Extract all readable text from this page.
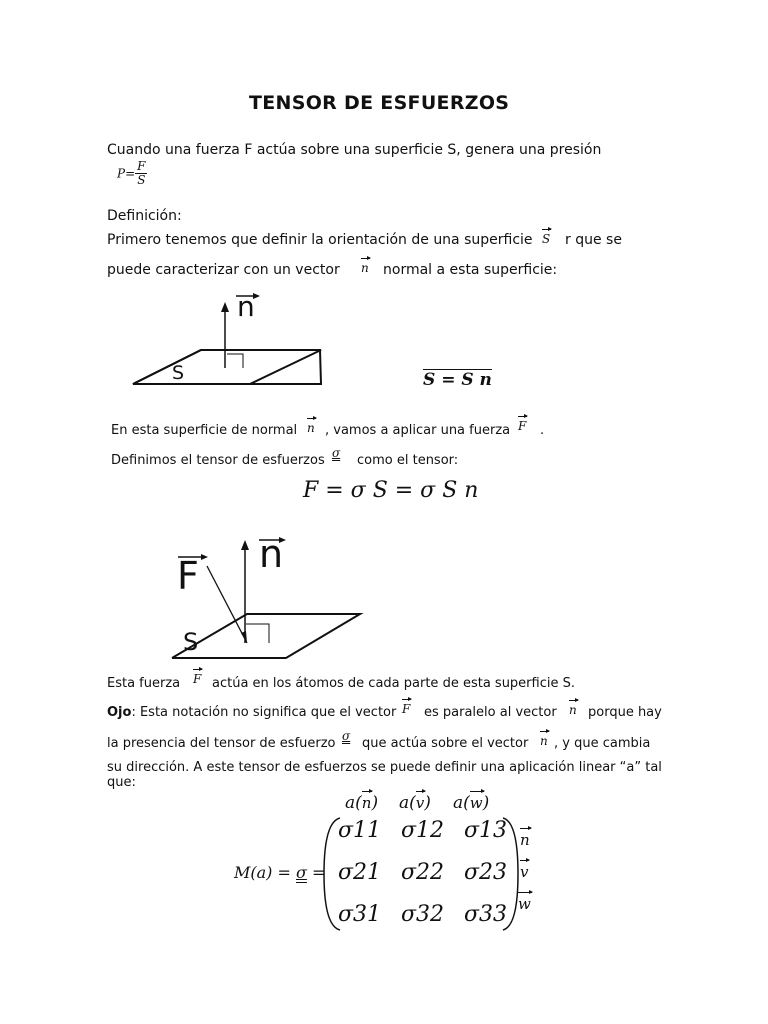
TENSOR DE ESFUERZOS
Cuando una fuerza F actúa sobre una superficie S, genera una presión
$P= \frac{F}{S}$
Definición:
Primero tenemos que definir la orientación de una superficie S r que se
puede caracterizar con un vector n normal a esta superficie:
n
S	S = S n
En esta superficie de normal n , vamos a aplicar una fuerza F .
Definimos el tensor de esfuerzos σ como el tensor:
F = σ S = σ S n
F n
S
Esta fuerza F actúa en los átomos de cada parte de esta superficie S.
Ojo: Esta notación no significa que el vector F es paralelo al vector n porque hay
la presencia del tensor de esfuerzo σ que actúa sobre el vector n , y que cambia
su dirección. A este tensor de esfuerzos se puede definir una aplicación linear “a” tal
que:
a(n) a(v) a(w)
M(a) = σ =
σ11 σ12 σ13
σ21 σ22 σ23
σ31 σ32 σ33
n
v
w
